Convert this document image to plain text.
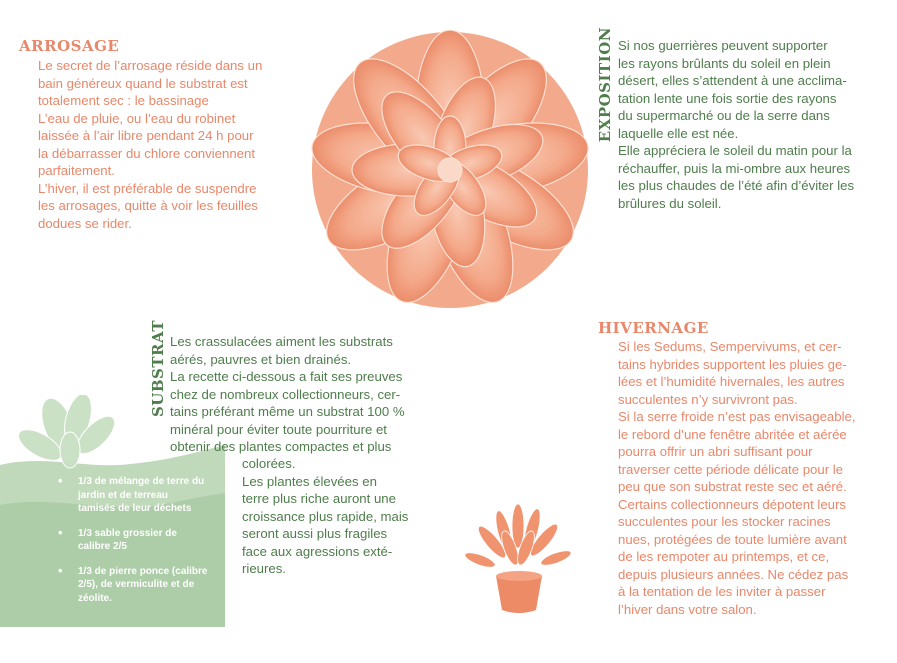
ARROSAGE

Le secret de l’arrosage réside dans un

bain généreux quand le substrat est

totalement sec : le bassinage

L’eau de pluie, ou l’eau du robinet

laissée à l’air libre pendant 24 h pour

la débarrasser du chlore conviennent

parfaitement.

L’hiver, il est préférable de suspendre

les arrosages, quitte à voir les feuilles

dodues se rider.

EXPOSITION Si nos guerrières peuvent supporter

les rayons brûlants du soleil en plein

désert, elles s’attendent à une acclima-

tation lente une fois sortie des rayons

du supermarché ou de la serre dans

laquelle elle est née.

Elle appréciera le soleil du matin pour la

réchauffer, puis la mi-ombre aux heures

les plus chaudes de l’été afin d’éviter les

brûlures du soleil.

SUBSTRAT Les crassulacées aiment les substrats

aérés, pauvres et bien drainés.

La recette ci-dessous a fait ses preuves

chez de nombreux collectionneurs, cer-

tains préférant même un substrat 100 %

minéral pour éviter toute pourriture et

obtenir des plantes compactes et plus

colorées.

Les plantes élevées en

terre plus riche auront une

croissance plus rapide, mais

seront aussi plus fragiles

face aux agressions exté-

rieures.

• 1/3 de mélange de terre du jardin et de terreau tamisés de leur déchets
• 1/3 sable grossier de calibre 2/5
• 1/3 de pierre ponce (calibre 2/5), de vermiculite et de zéolite.
HIVERNAGE

Si les Sedums, Sempervivums, et cer-

tains hybrides supportent les pluies ge-

lées et l’humidité hivernales, les autres

succulentes n’y survivront pas.

Si la serre froide n’est pas envisageable,

le rebord d’une fenêtre abritée et aérée

pourra offrir un abri suffisant pour

traverser cette période délicate pour le

peu que son substrat reste sec et aéré.

Certains collectionneurs dépotent leurs

succulentes pour les stocker racines

nues, protégées de toute lumière avant

de les rempoter au printemps, et ce,

depuis plusieurs années. Ne cédez pas

à la tentation de les inviter à passer

l’hiver dans votre salon.
